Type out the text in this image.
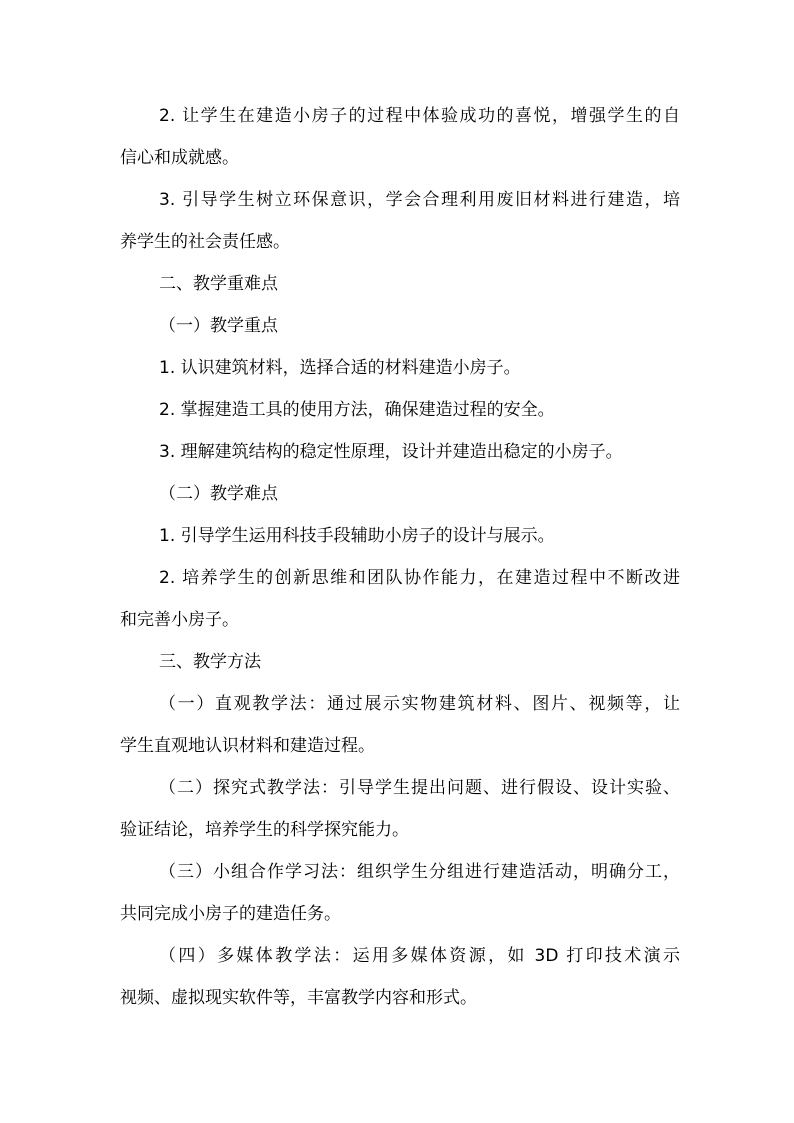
2. 让学生在建造小房子的过程中体验成功的喜悦，增强学生的自
信心和成就感。
3. 引导学生树立环保意识，学会合理利用废旧材料进行建造，培
养学生的社会责任感。
二、教学重难点
（一）教学重点
1. 认识建筑材料，选择合适的材料建造小房子。
2. 掌握建造工具的使用方法，确保建造过程的安全。
3. 理解建筑结构的稳定性原理，设计并建造出稳定的小房子。
（二）教学难点
1. 引导学生运用科技手段辅助小房子的设计与展示。
2. 培养学生的创新思维和团队协作能力，在建造过程中不断改进
和完善小房子。
三、教学方法
（一）直观教学法：通过展示实物建筑材料、图片、视频等，让
学生直观地认识材料和建造过程。
（二）探究式教学法：引导学生提出问题、进行假设、设计实验、
验证结论，培养学生的科学探究能力。
（三）小组合作学习法：组织学生分组进行建造活动，明确分工，
共同完成小房子的建造任务。
（四）多媒体教学法：运用多媒体资源，如 3D 打印技术演示
视频、虚拟现实软件等，丰富教学内容和形式。
